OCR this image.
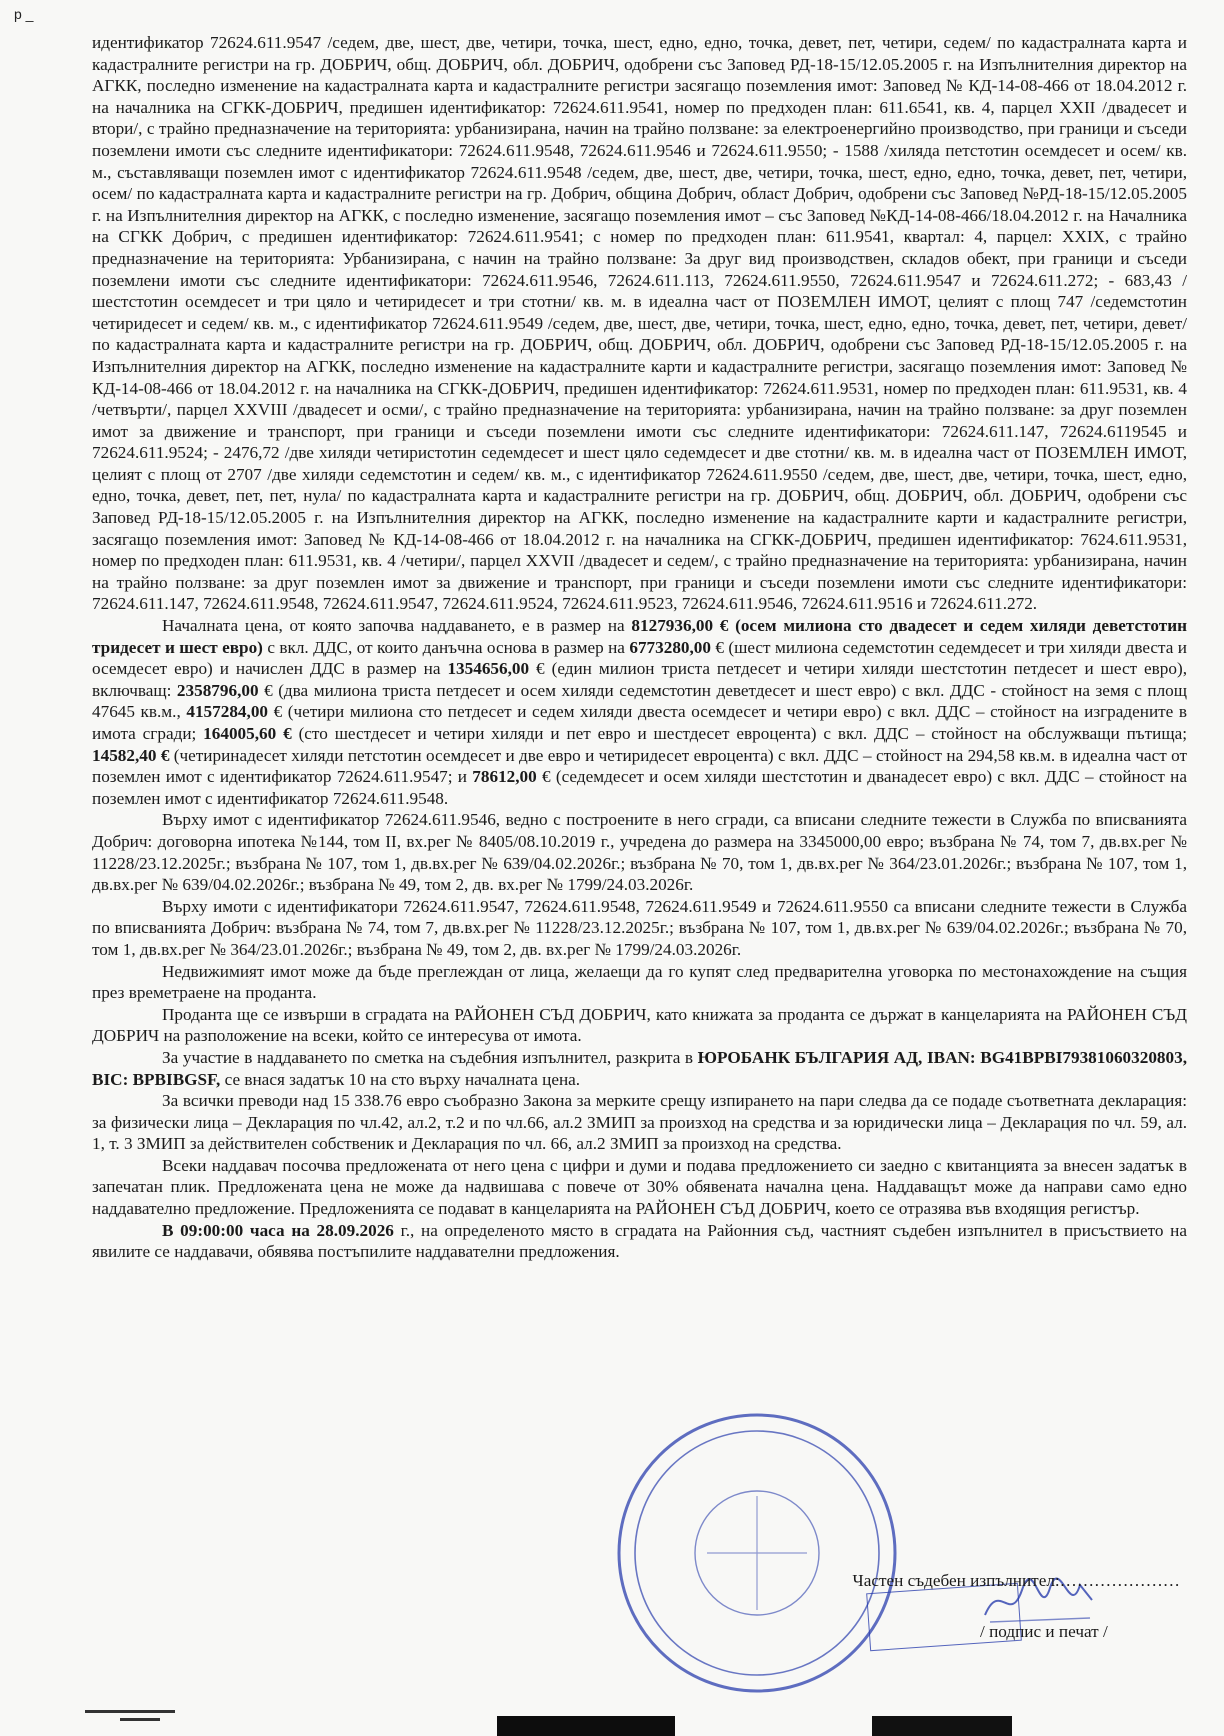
р _

идентификатор 72624.611.9547 /седем, две, шест, две, четири, точка, шест, едно, едно, точка, девет, пет, четири, седем/ по кадастралната карта и кадастралните регистри на гр. ДОБРИЧ, общ. ДОБРИЧ, обл. ДОБРИЧ, одобрени със Заповед РД-18-15/12.05.2005 г. на Изпълнителния директор на АГКК, последно изменение на кадастралната карта и кадастралните регистри засягащо поземления имот: Заповед № КД-14-08-466 от 18.04.2012 г. на началника на СГКК-ДОБРИЧ, предишен идентификатор: 72624.611.9541, номер по предходен план: 611.6541, кв. 4, парцел XXII /двадесет и втори/, с трайно предназначение на територията: урбанизирана, начин на трайно ползване: за електроенергийно производство, при граници и съседи поземлени имоти със следните идентификатори: 72624.611.9548, 72624.611.9546 и 72624.611.9550; - 1588 /хиляда петстотин осемдесет и осем/ кв. м., съставляващи поземлен имот с идентификатор 72624.611.9548 /седем, две, шест, две, четири, точка, шест, едно, едно, точка, девет, пет, четири, осем/ по кадастралната карта и кадастралните регистри на гр. Добрич, община Добрич, област Добрич, одобрени със Заповед №РД-18-15/12.05.2005 г. на Изпълнителния директор на АГКК, с последно изменение, засягащо поземления имот – със Заповед №КД-14-08-466/18.04.2012 г. на Началника на СГКК Добрич, с предишен идентификатор: 72624.611.9541; с номер по предходен план: 611.9541, квартал: 4, парцел: XXIX, с трайно предназначение на територията: Урбанизирана, с начин на трайно ползване: За друг вид производствен, складов обект, при граници и съседи поземлени имоти със следните идентификатори: 72624.611.9546, 72624.611.113, 72624.611.9550, 72624.611.9547 и 72624.611.272; - 683,43 /шестстотин осемдесет и три цяло и четиридесет и три стотни/ кв. м. в идеална част от ПОЗЕМЛЕН ИМОТ, целият с площ 747 /седемстотин четиридесет и седем/ кв. м., с идентификатор 72624.611.9549 /седем, две, шест, две, четири, точка, шест, едно, едно, точка, девет, пет, четири, девет/ по кадастралната карта и кадастралните регистри на гр. ДОБРИЧ, общ. ДОБРИЧ, обл. ДОБРИЧ, одобрени със Заповед РД-18-15/12.05.2005 г. на Изпълнителния директор на АГКК, последно изменение на кадастралните карти и кадастралните регистри, засягащо поземления имот: Заповед № КД-14-08-466 от 18.04.2012 г. на началника на СГКК-ДОБРИЧ, предишен идентификатор: 72624.611.9531, номер по предходен план: 611.9531, кв. 4 /четвърти/, парцел XXVIII /двадесет и осми/, с трайно предназначение на територията: урбанизирана, начин на трайно ползване: за друг поземлен имот за движение и транспорт, при граници и съседи поземлени имоти със следните идентификатори: 72624.611.147, 72624.6119545 и 72624.611.9524; - 2476,72 /две хиляди четиристотин седемдесет и шест цяло седемдесет и две стотни/ кв. м. в идеална част от ПОЗЕМЛЕН ИМОТ, целият с площ от 2707 /две хиляди седемстотин и седем/ кв. м., с идентификатор 72624.611.9550 /седем, две, шест, две, четири, точка, шест, едно, едно, точка, девет, пет, пет, нула/ по кадастралната карта и кадастралните регистри на гр. ДОБРИЧ, общ. ДОБРИЧ, обл. ДОБРИЧ, одобрени със Заповед РД-18-15/12.05.2005 г. на Изпълнителния директор на АГКК, последно изменение на кадастралните карти и кадастралните регистри, засягащо поземления имот: Заповед № КД-14-08-466 от 18.04.2012 г. на началника на СГКК-ДОБРИЧ, предишен идентификатор: 7624.611.9531, номер по предходен план: 611.9531, кв. 4 /четири/, парцел XXVII /двадесет и седем/, с трайно предназначение на територията: урбанизирана, начин на трайно ползване: за друг поземлен имот за движение и транспорт, при граници и съседи поземлени имоти със следните идентификатори: 72624.611.147, 72624.611.9548, 72624.611.9547, 72624.611.9524, 72624.611.9523, 72624.611.9546, 72624.611.9516 и 72624.611.272.

Началната цена, от която започва наддаването, е в размер на 8127936,00 € (осем милиона сто двадесет и седем хиляди деветстотин тридесет и шест евро) с вкл. ДДС, от които данъчна основа в размер на 6773280,00 € (шест милиона седемстотин седемдесет и три хиляди двеста и осемдесет евро) и начислен ДДС в размер на 1354656,00 € (един милион триста петдесет и четири хиляди шестстотин петдесет и шест евро), включващ: 2358796,00 € (два милиона триста петдесет и осем хиляди седемстотин деветдесет и шест евро) с вкл. ДДС - стойност на земя с площ 47645 кв.м., 4157284,00 € (четири милиона сто петдесет и седем хиляди двеста осемдесет и четири евро) с вкл. ДДС – стойност на изградените в имота сгради; 164005,60 € (сто шестдесет и четири хиляди и пет евро и шестдесет евроцента) с вкл. ДДС – стойност на обслужващи пътища; 14582,40 € (четиринадесет хиляди петстотин осемдесет и две евро и четиридесет евроцента) с вкл. ДДС – стойност на 294,58 кв.м. в идеална част от поземлен имот с идентификатор 72624.611.9547; и 78612,00 € (седемдесет и осем хиляди шестстотин и дванадесет евро) с вкл. ДДС – стойност на поземлен имот с идентификатор 72624.611.9548.

Върху имот с идентификатор 72624.611.9546, ведно с построените в него сгради, са вписани следните тежести в Служба по вписванията Добрич: договорна ипотека №144, том II, вх.рег № 8405/08.10.2019 г., учредена до размера на 3345000,00 евро; възбрана № 74, том 7, дв.вх.рег № 11228/23.12.2025г.; възбрана № 107, том 1, дв.вх.рег № 639/04.02.2026г.; възбрана № 70, том 1, дв.вх.рег № 364/23.01.2026г.; възбрана № 107, том 1, дв.вх.рег № 639/04.02.2026г.; възбрана № 49, том 2, дв. вх.рег № 1799/24.03.2026г.

Върху имоти с идентификатори 72624.611.9547, 72624.611.9548, 72624.611.9549 и 72624.611.9550 са вписани следните тежести в Служба по вписванията Добрич: възбрана № 74, том 7, дв.вх.рег № 11228/23.12.2025г.; възбрана № 107, том 1, дв.вх.рег № 639/04.02.2026г.; възбрана № 70, том 1, дв.вх.рег № 364/23.01.2026г.; възбрана № 49, том 2, дв. вх.рег № 1799/24.03.2026г.

Недвижимият имот може да бъде преглеждан от лица, желаещи да го купят след предварителна уговорка по местонахождение на същия през времетраене на проданта.

Проданта ще се извърши в сградата на РАЙОНЕН СЪД ДОБРИЧ, като книжата за проданта се държат в канцеларията на РАЙОНЕН СЪД ДОБРИЧ на разположение на всеки, който се интересува от имота.

За участие в наддаването по сметка на съдебния изпълнител, разкрита в ЮРОБАНК БЪЛГАРИЯ АД, IBAN: BG41BPBI79381060320803, BIC: BPBIBGSF, се внася задатък 10 на сто върху началната цена.

За всички преводи над 15 338.76 евро съобразно Закона за мерките срещу изпирането на пари следва да се подаде съответната декларация: за физически лица – Декларация по чл.42, ал.2, т.2 и по чл.66, ал.2 ЗМИП за произход на средства и за юридически лица – Декларация по чл. 59, ал. 1, т. 3 ЗМИП за действителен собственик и Декларация по чл. 66, ал.2 ЗМИП за произход на средства.

Всеки наддавач посочва предложената от него цена с цифри и думи и подава предложението си заедно с квитанцията за внесен задатък в запечатан плик. Предложената цена не може да надвишава с повече от 30% обявената начална цена. Наддаващът може да направи само едно наддавателно предложение. Предложенията се подават в канцеларията на РАЙОНЕН СЪД ДОБРИЧ, което се отразява във входящия регистър.

В 09:00:00 часа на 28.09.2026 г., на определеното място в сградата на Районния съд, частният съдебен изпълнител в присъствието на явилите се наддавачи, обявява постъпилите наддавателни предложения.

Частен съдебен изпълнител:…………………
/ подпис и печат /
